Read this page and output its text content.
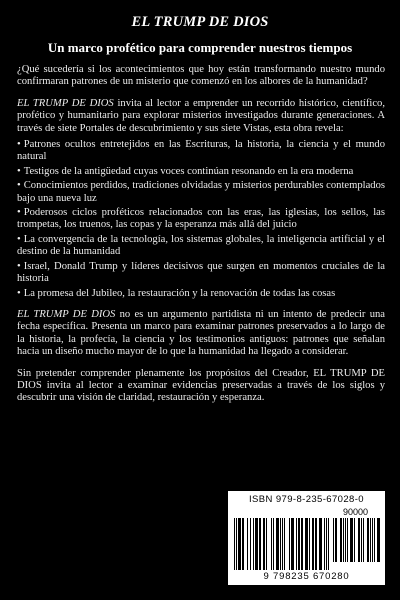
EL TRUMP DE DIOS
Un marco profético para comprender nuestros tiempos

¿Qué sucedería si los acontecimientos que hoy están transformando nuestro mundo confirmaran patrones de un misterio que comenzó en los albores de la humanidad?

EL TRUMP DE DIOS invita al lector a emprender un recorrido histórico, científico, profético y humanitario para explorar misterios investigados durante generaciones. A través de siete Portales de descubrimiento y sus siete Vistas, esta obra revela:

• Patrones ocultos entretejidos en las Escrituras, la historia, la ciencia y el mundo natural
• Testigos de la antigüedad cuyas voces continúan resonando en la era moderna
• Conocimientos perdidos, tradiciones olvidadas y misterios perdurables contemplados bajo una nueva luz
• Poderosos ciclos proféticos relacionados con las eras, las iglesias, los sellos, las trompetas, los truenos, las copas y la esperanza más allá del juicio
• La convergencia de la tecnología, los sistemas globales, la inteligencia artificial y el destino de la humanidad
• Israel, Donald Trump y líderes decisivos que surgen en momentos cruciales de la historia
• La promesa del Jubileo, la restauración y la renovación de todas las cosas

EL TRUMP DE DIOS no es un argumento partidista ni un intento de predecir una fecha específica. Presenta un marco para examinar patrones preservados a lo largo de la historia, la profecía, la ciencia y los testimonios antiguos: patrones que señalan hacia un diseño mucho mayor de lo que la humanidad ha llegado a considerar.

Sin pretender comprender plenamente los propósitos del Creador, EL TRUMP DE DIOS invita al lector a examinar evidencias preservadas a través de los siglos y descubrir una visión de claridad, restauración y esperanza.

ISBN 979-8-235-67028-0
90000
9 798235 670280
